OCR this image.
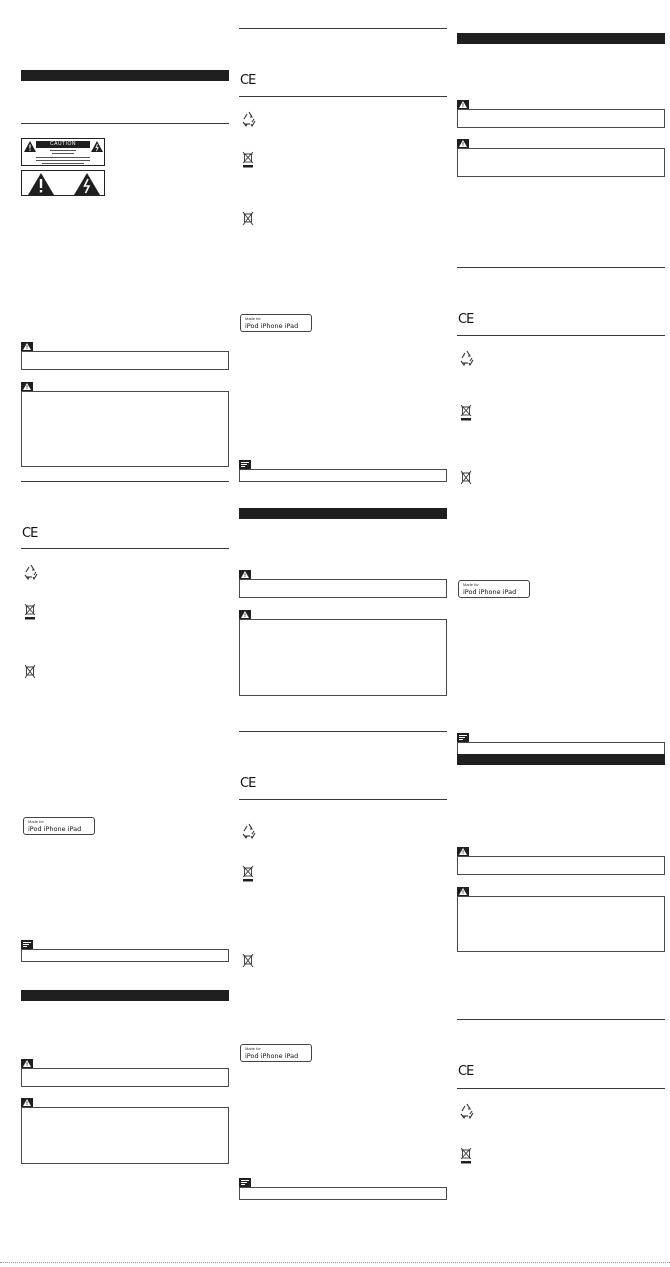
CAUTION
CE
Made for
iPod iPhone iPad
CE
Made for
iPod iPhone iPad
CE
Made for
iPod iPhone iPad
CE
Made for
iPod iPhone iPad
CE
